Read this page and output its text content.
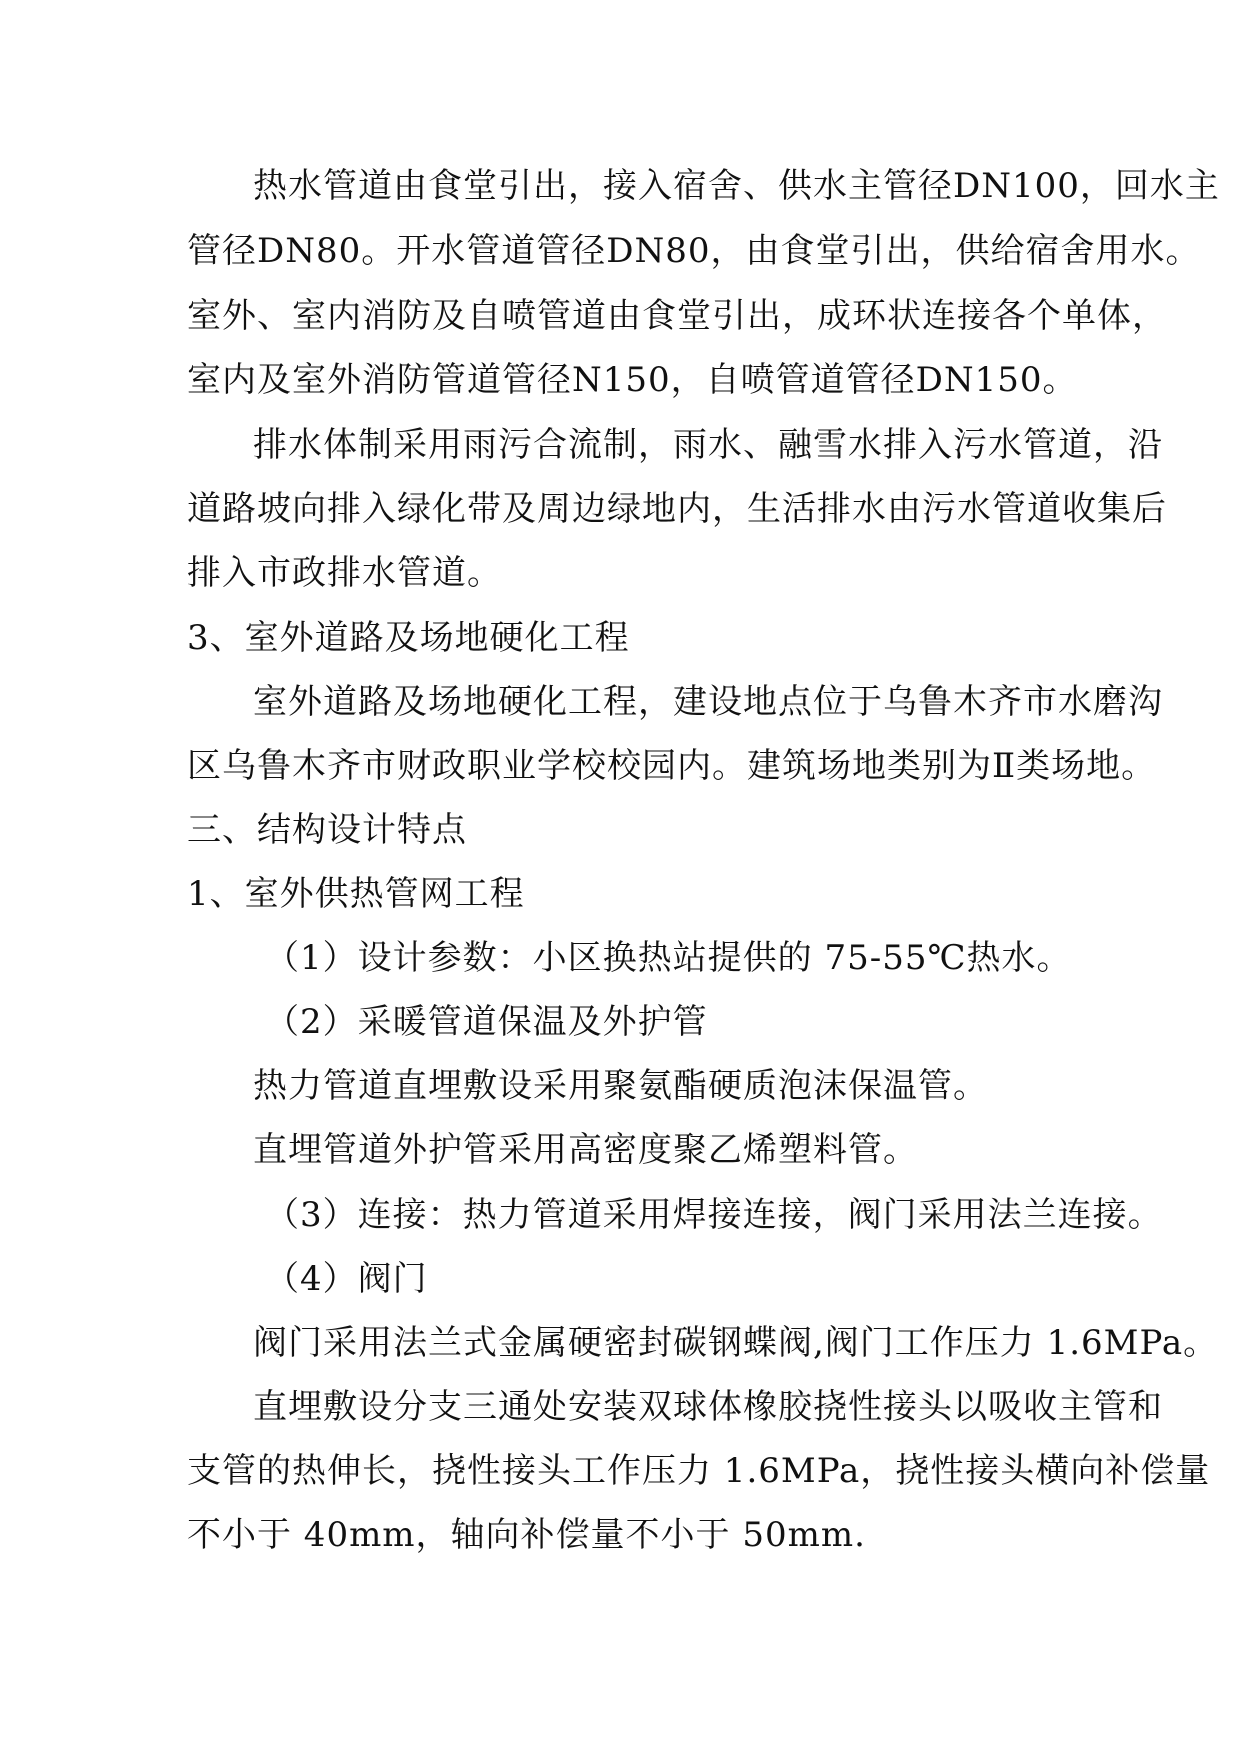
热水管道由食堂引出，接入宿舍、供水主管径DN100，回水主
管径DN80。开水管道管径DN80，由食堂引出，供给宿舍用水。
室外、室内消防及自喷管道由食堂引出，成环状连接各个单体，
室内及室外消防管道管径N150，自喷管道管径DN150。
排水体制采用雨污合流制，雨水、融雪水排入污水管道，沿
道路坡向排入绿化带及周边绿地内，生活排水由污水管道收集后
排入市政排水管道。
3、室外道路及场地硬化工程
室外道路及场地硬化工程，建设地点位于乌鲁木齐市水磨沟
区乌鲁木齐市财政职业学校校园内。建筑场地类别为Ⅱ类场地。
三、结构设计特点
1、室外供热管网工程
（1）设计参数：小区换热站提供的 75-55℃热水。
（2）采暖管道保温及外护管
热力管道直埋敷设采用聚氨酯硬质泡沫保温管。
直埋管道外护管采用高密度聚乙烯塑料管。
（3）连接：热力管道采用焊接连接，阀门采用法兰连接。
（4）阀门
阀门采用法兰式金属硬密封碳钢蝶阀,阀门工作压力 1.6MPa。
直埋敷设分支三通处安装双球体橡胶挠性接头以吸收主管和
支管的热伸长，挠性接头工作压力 1.6MPa，挠性接头横向补偿量
不小于 40mm，轴向补偿量不小于 50mm.
